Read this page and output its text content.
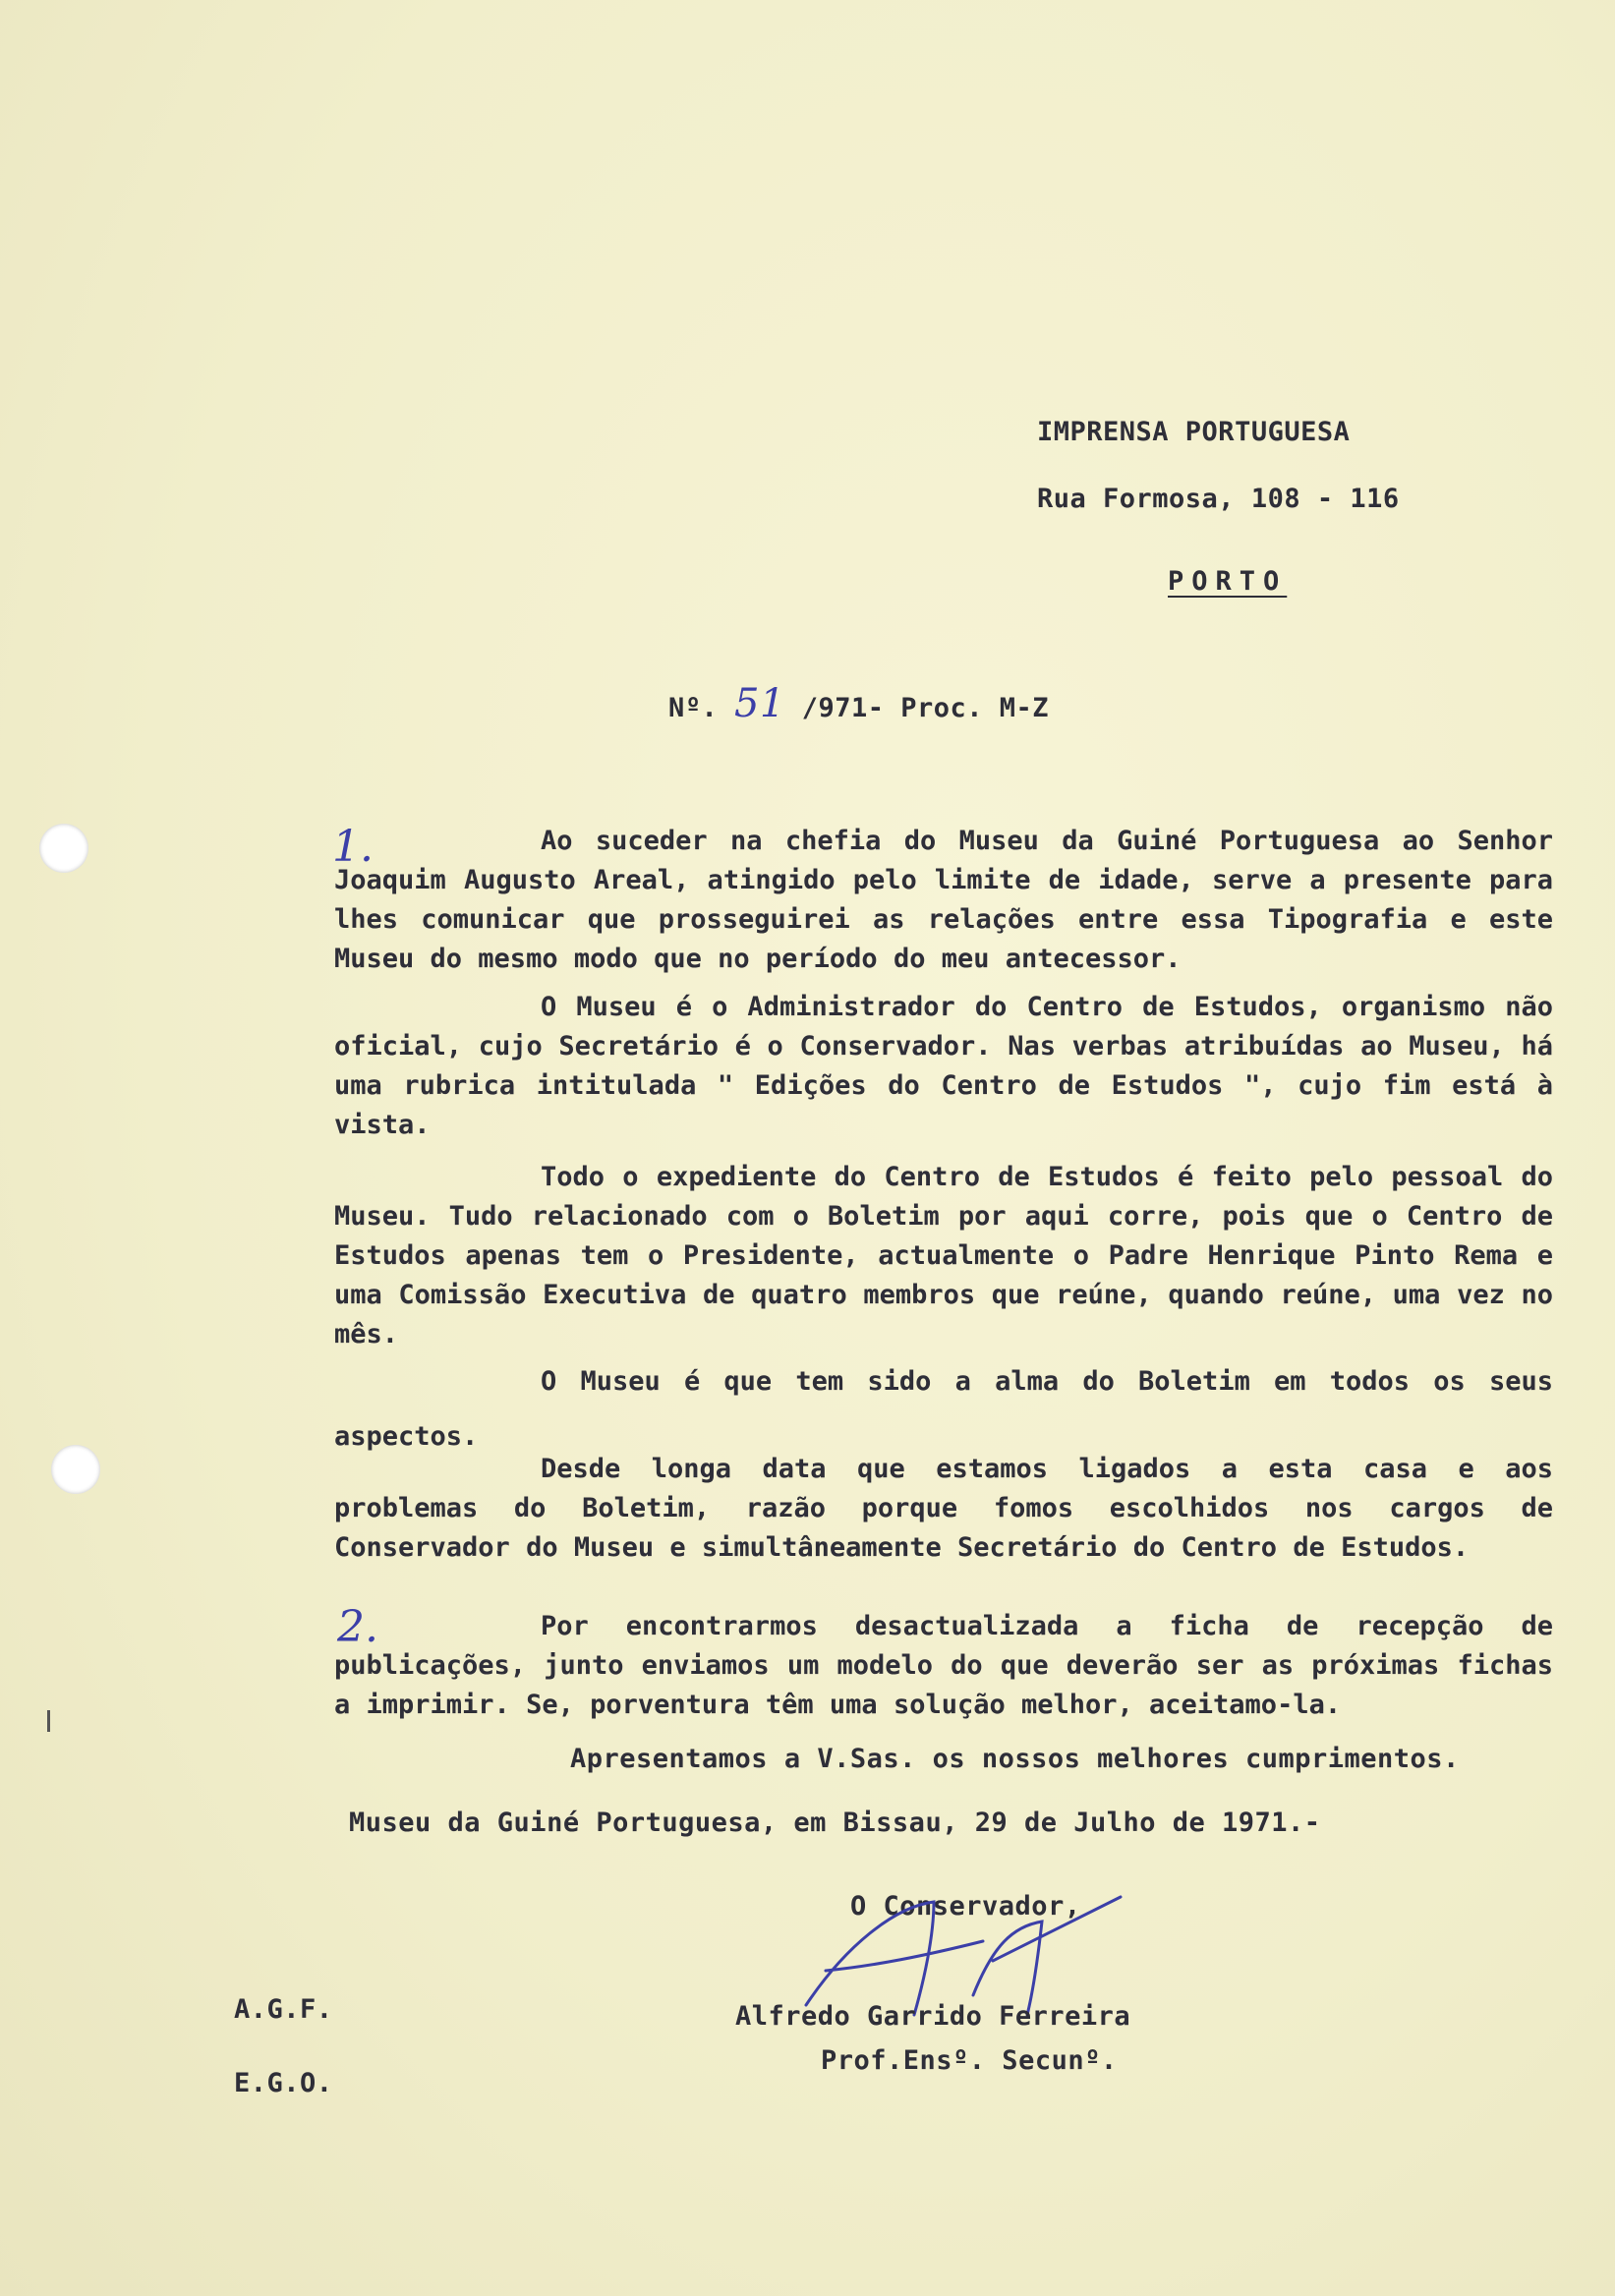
IMPRENSA PORTUGUESA
Rua Formosa, 108 - 116
PORTO
Nº. 51 /971- Proc. M-Z
1.	Ao suceder na chefia do Museu da Guiné Portuguesa ao Senhor Joaquim Augusto Areal, atingido pelo limite de idade, serve a presente para lhes comunicar que prosseguirei as relações entre essa Tipografia e este Museu do mesmo modo que no período do meu antecessor.
O Museu é o Administrador do Centro de Estudos, organismo não oficial, cujo Secretário é o Conservador. Nas verbas atribuídas ao Museu, há uma rubrica intitulada " Edições do Centro de Estudos ", cujo fim está à vista.
Todo o expediente do Centro de Estudos é feito pelo pessoal do Museu. Tudo relacionado com o Boletim por aqui corre, pois que o Centro de Estudos apenas tem o Presidente, actualmente o Padre Henrique Pinto Rema e uma Comissão Executiva de quatro membros que reúne, quando reúne, uma vez no mês.
O Museu é que tem sido a alma do Boletim em todos os seus aspectos.
Desde longa data que estamos ligados a esta casa e aos problemas do Boletim, razão porque fomos escolhidos nos cargos de Conservador do Museu e simultâneamente Secretário do Centro de Estudos.
2.	Por encontrarmos desactualizada a ficha de recepção de publicações, junto enviamos um modelo do que deverão ser as próximas fichas a imprimir. Se, porventura têm uma solução melhor, aceitamo-la.
Apresentamos a V.Sas. os nossos melhores cumprimentos.
Museu da Guiné Portuguesa, em Bissau, 29 de Julho de 1971.-
O Conservador,
Alfredo Garrido Ferreira
Prof.Ensº. Secunº.
A.G.F.
E.G.O.
